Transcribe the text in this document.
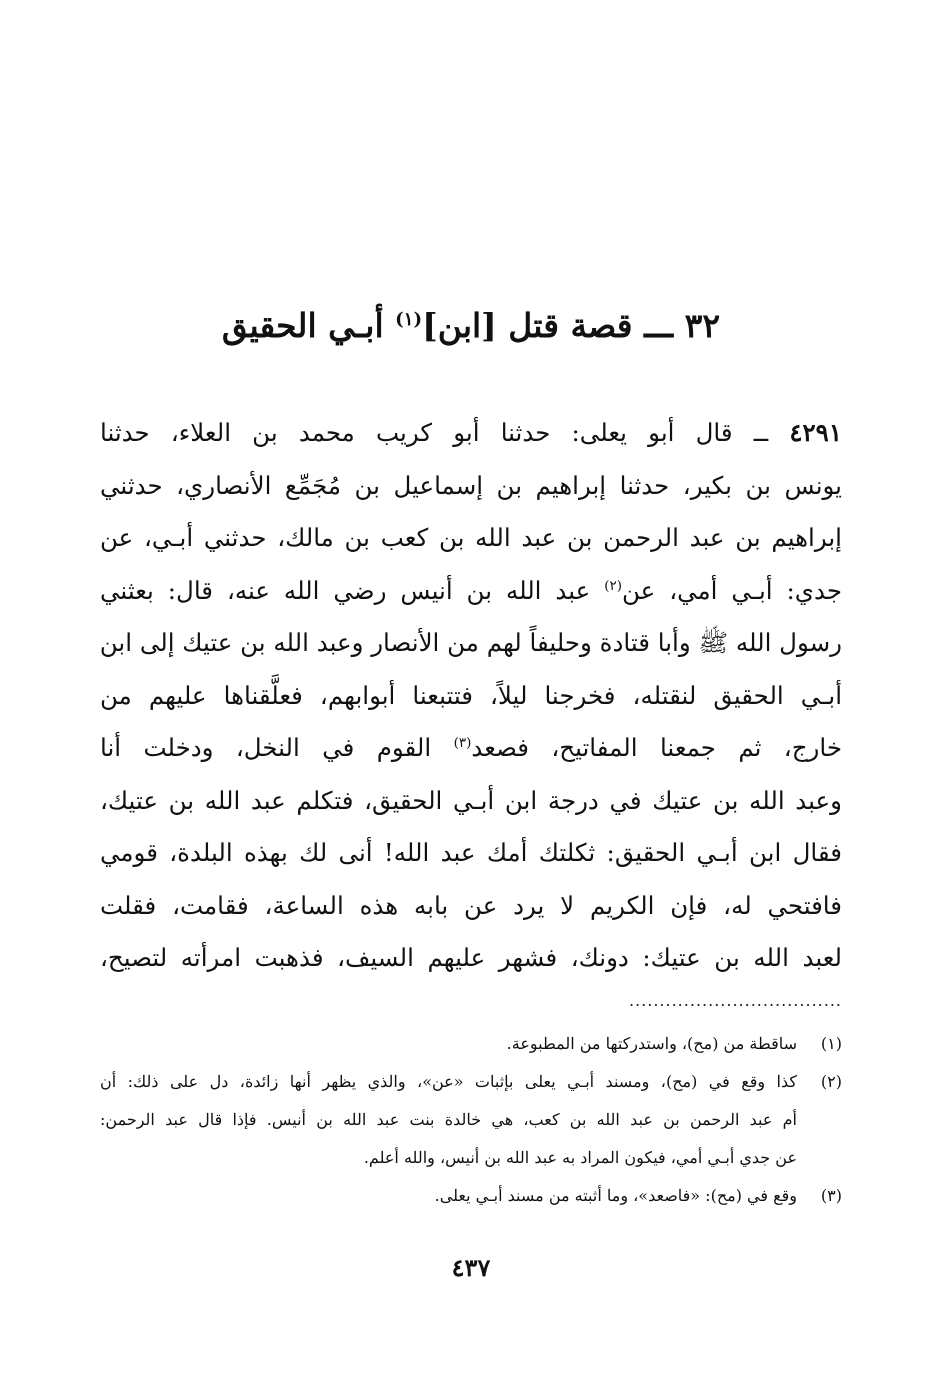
٣٢ ـــ قصة قتل [ابن]$^{(١)}$ أبـي الحقيق
٤٢٩١ ــ قال أبو يعلى: حدثنا أبو كريب محمد بن العلاء، حدثنا
يونس بن بكير، حدثنا إبراهيم بن إسماعيل بن مُجَمِّع الأنصاري، حدثني
إبراهيم بن عبد الرحمن بن عبد الله بن كعب بن مالك، حدثني أبـي، عن
جدي: أبـي أمي، عن$^{(٢)}$ عبد الله بن أنيس رضي الله عنه، قال: بعثني
رسول الله ﷺ وأبا قتادة وحليفاً لهم من الأنصار وعبد الله بن عتيك إلى ابن
أبـي الحقيق لنقتله، فخرجنا ليلاً، فتتبعنا أبوابهم، فعلَّقناها عليهم من
خارج، ثم جمعنا المفاتيح، فصعد$^{(٣)}$ القوم في النخل، ودخلت أنا
وعبد الله بن عتيك في درجة ابن أبـي الحقيق، فتكلم عبد الله بن عتيك،
فقال ابن أبـي الحقيق: ثكلتك أمك عبد الله! أنى لك بهذه البلدة، قومي
فافتحي له، فإن الكريم لا يرد عن بابه هذه الساعة، فقامت، فقلت
لعبد الله بن عتيك: دونك، فشهر عليهم السيف، فذهبت امرأته لتصيح،
...................................
(١)
ساقطة من (مح)، واستدركتها من المطبوعة.
(٢)
كذا وقع في (مح)، ومسند أبـي يعلى بإثبات «عن»، والذي يظهر أنها زائدة، دل على ذلك: أن
أم عبد الرحمن بن عبد الله بن كعب، هي خالدة بنت عبد الله بن أنيس. فإذا قال عبد الرحمن:
عن جدي أبـي أمي، فيكون المراد به عبد الله بن أنيس، والله أعلم.
(٣)
وقع في (مح): «فاصعد»، وما أثبته من مسند أبـي يعلى.
٤٣٧
